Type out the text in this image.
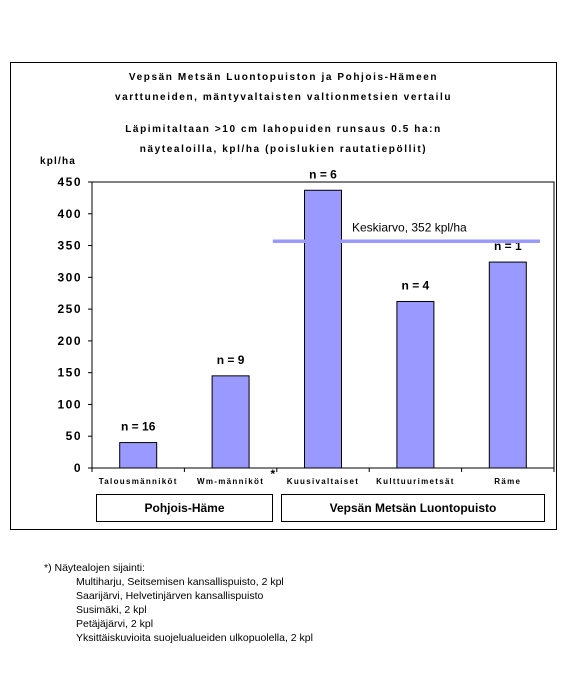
Vepsän Metsän Luontopuiston ja Pohjois-Hämeen
varttuneiden, mäntyvaltaisten valtionmetsien vertailu
Läpimitaltaan >10 cm lahopuiden runsaus 0.5 ha:n
näytealoilla, kpl/ha (poislukien rautatiepöllit)
0
50
100
150
200
250
300
350
400
450
kpl/ha
n = 16
Talousmänniköt
n = 9
Wm-männiköt
n = 6
Kuusivaltaiset
n = 4
Kulttuurimetsät
n = 1
Räme
*
Keskiarvo, 352 kpl/ha
Pohjois-Häme	Vepsän Metsän Luontopuisto
*) Näytealojen sijainti:
Multiharju, Seitsemisen kansallispuisto, 2 kpl
Saarijärvi, Helvetinjärven kansallispuisto
Susimäki, 2 kpl
Petäjäjärvi, 2 kpl
Yksittäiskuvioita suojelualueiden ulkopuolella, 2 kpl
